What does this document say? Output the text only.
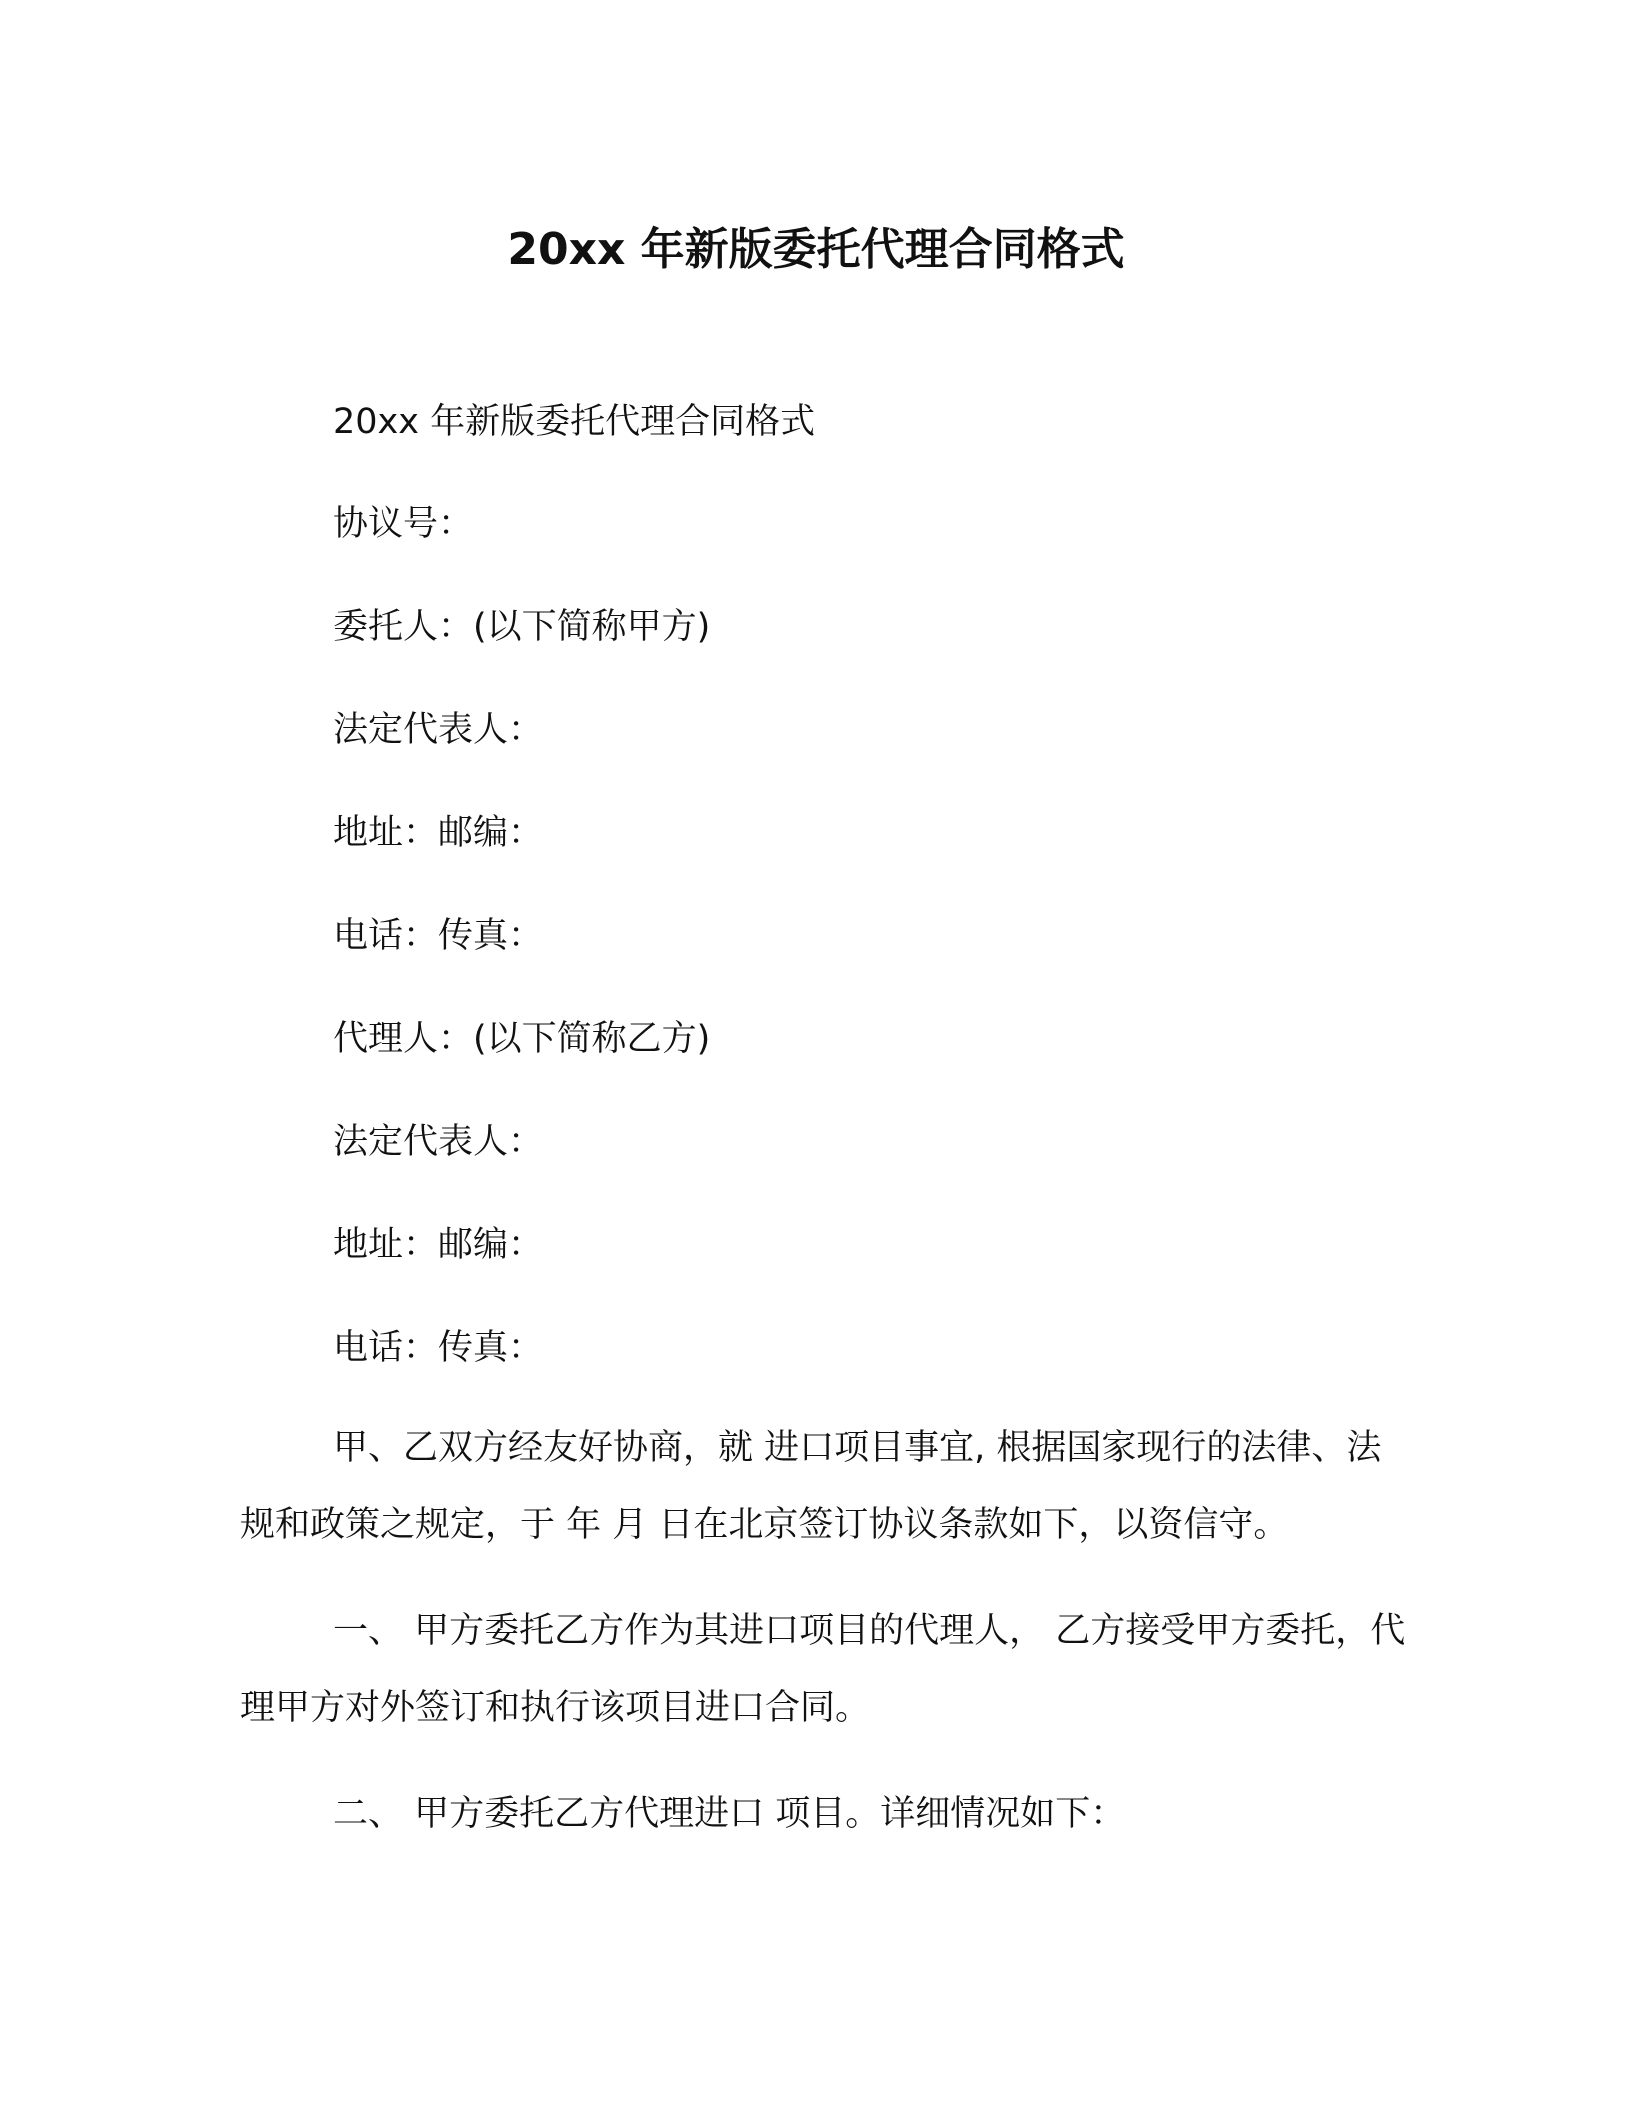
20xx 年新版委托代理合同格式
20xx 年新版委托代理合同格式
协议号：
委托人：(以下简称甲方)
法定代表人：
地址：邮编：
电话：传真：
代理人：(以下简称乙方)
法定代表人：
地址：邮编：
电话：传真：

甲、乙双方经友好协商，就 进口项目事宜, 根据国家现行的法律、法规和政策之规定，于 年 月 日在北京签订协议条款如下，以资信守。

一、 甲方委托乙方作为其进口项目的代理人， 乙方接受甲方委托，代理甲方对外签订和执行该项目进口合同。

二、 甲方委托乙方代理进口 项目。详细情况如下：
